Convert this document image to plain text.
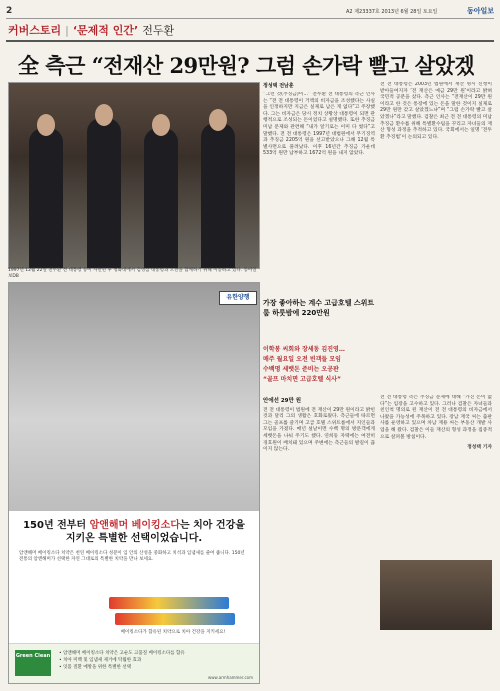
2	A2 제23337호 2013년 6월 28일 토요일	동아일보
커버스토리 | ‘문제적 인간’ 전두환
全 측근 “전재산 29만원? 그럼 손가락 빨고 살았겠
1997년 12월 22일 전두환 전 대통령 등이 사면된 후 청와대에서 김영삼 대통령과 오찬을 함께하기 위해 이동하고 있다. 동아일보DB
정성택 전남훈
“그런 것(추징금)이...” 전두환 전 대통령의 측근 인사는 “전 전 대통령이 거액의 비자금을 조성했다는 사실을 인정하지만 지금은 실제로 남은 게 없다”고 주장했다. 그는 비자금은 당시 정치 상황상 대통령이 되면 관행적으로 조성되는 돈이었다고 설명했다. 또한 추징금 미납 문제와 관련해 “내가 알기로는 이미 다 썼다”고 말했다. 전 전 대통령은 1997년 대법원에서 무기징역과 추징금 2205억 원을 선고받았으나 그해 12월 특별사면으로 풀려났다. 이후 16년간 추징금 가운데 533억 원만 납부하고 1672억 원을 내지 않았다.
전 전 대통령은 2003년 법원에서 재산 명시 신청이 받아들여지자 ‘전 재산은 예금 29만 원’이라고 밝혀 국민적 공분을 샀다. 측근 인사는 “전재산이 29만 원이라고 한 것은 통장에 있는 돈을 말한 것이지 실제로 29만 원만 갖고 살았겠느냐”며 “그럼 손가락 빨고 살았겠나”라고 말했다. 검찰은 최근 전 전 대통령의 미납 추징금 환수를 위해 특별환수팀을 꾸리고 자녀들의 재산 형성 과정을 추적하고 있다. 국회에서는 일명 ‘전두환 추징법’이 논의되고 있다.
가장 좋아하는 계수 고급호텔 스위트룸 하룻밤에 220만원
이학봉 씨회와 장세동 김진영…
매주 월요일 오전 빈객들 모임
수백명 세뱃돈 준비는 오공판
“골프 마치면 고급호텔 식사”
안에선 29만 원
전 전 대통령이 법원에 전 재산이 29만 원이라고 밝힌 것과 달리 그의 생활은 호화로웠다. 측근들에 따르면 그는 골프를 즐기며 고급 호텔 스위트룸에서 지인들과 모임을 가졌다. 매년 설날이면 수백 명의 방문객에게 세뱃돈을 나눠 주기도 했다. 연희동 자택에는 여전히 경호원이 배치돼 있으며 주변에는 측근들의 발길이 끊이지 않는다.
전 전 대통령 측은 추징금 문제에 대해 “가진 돈이 없다”는 입장을 고수하고 있다. 그러나 검찰은 자녀들과 친인척 명의로 된 재산이 전 전 대통령의 비자금에서 나왔을 가능성에 주목하고 있다. 장남 재국 씨는 출판사를 운영하고 있으며 차남 재용 씨는 부동산 개발 사업을 해 왔다. 검찰은 이들 재산의 형성 과정을 집중적으로 살펴볼 방침이다.
정성택 기자
유한양행
150년 전부터 암앤해머 베이킹소다는 치아 건강을 지키온 특별한 선택이었습니다.
암앤해머 베이킹소다 치약은 천연 베이킹소다 성분이 입 안의 산성을 중화하고 치석과 입냄새를 줄여 줍니다. 150년 전통의 암앤해머가 선택한 자연 그대로의 특별한 치약을 만나 보세요.
베이킹소다가 함유된 치약으로 치아 건강을 지키세요!
Green Clean • 암앤해머 베이킹소다 치약은 고순도 고품질 베이킹소다를 함유
• 치아 미백 및 입냄새 제거에 탁월한 효과
• 잇몸 질환 예방을 위한 특별한 선택
www.armhammer.com
